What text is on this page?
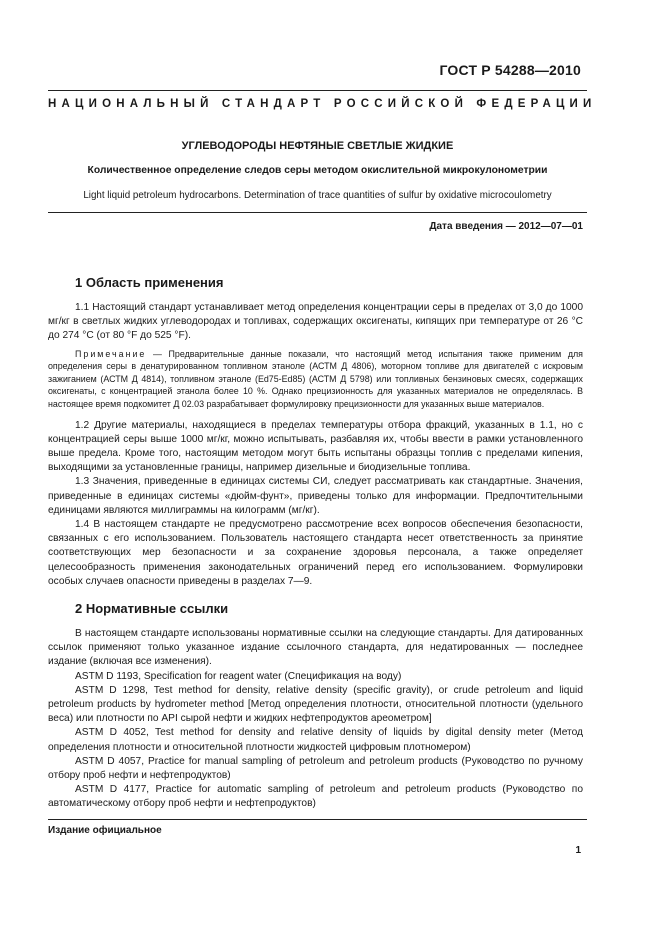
ГОСТ Р 54288—2010
НАЦИОНАЛЬНЫЙ СТАНДАРТ РОССИЙСКОЙ ФЕДЕРАЦИИ
УГЛЕВОДОРОДЫ НЕФТЯНЫЕ СВЕТЛЫЕ ЖИДКИЕ
Количественное определение следов серы методом окислительной микрокулонометрии
Light liquid petroleum hydrocarbons. Determination of trace quantities of sulfur by oxidative microcoulometry
Дата введения — 2012—07—01
1 Область применения

1.1 Настоящий стандарт устанавливает метод определения концентрации серы в пределах от 3,0 до 1000 мг/кг в светлых жидких углеводородах и топливах, содержащих оксигенаты, кипящих при температуре от 26 °С до 274 °С (от 80 °F до 525 °F).

Примечание — Предварительные данные показали, что настоящий метод испытания также применим для определения серы в денатурированном топливном этаноле (АСТМ Д 4806), моторном топливе для двигателей с искровым зажиганием (АСТМ Д 4814), топливном этаноле (Ed75-Ed85) (АСТМ Д 5798) или топливных бензиновых смесях, содержащих оксигенаты, с концентрацией этанола более 10 %. Однако прецизионность для указанных материалов не определялась. В настоящее время подкомитет Д 02.03 разрабатывает формулировку прецизионности для указанных выше материалов.

1.2 Другие материалы, находящиеся в пределах температуры отбора фракций, указанных в 1.1, но с концентрацией серы выше 1000 мг/кг, можно испытывать, разбавляя их, чтобы ввести в рамки установленного выше предела. Кроме того, настоящим методом могут быть испытаны образцы топлив с пределами кипения, выходящими за установленные границы, например дизельные и биодизельные топлива.

1.3 Значения, приведенные в единицах системы СИ, следует рассматривать как стандартные. Значения, приведенные в единицах системы «дюйм-фунт», приведены только для информации. Предпочтительными единицами являются миллиграммы на килограмм (мг/кг).

1.4 В настоящем стандарте не предусмотрено рассмотрение всех вопросов обеспечения безопасности, связанных с его использованием. Пользователь настоящего стандарта несет ответственность за принятие соответствующих мер безопасности и за сохранение здоровья персонала, а также определяет целесообразность применения законодательных ограничений перед его использованием. Формулировки особых случаев опасности приведены в разделах 7—9.

2 Нормативные ссылки

В настоящем стандарте использованы нормативные ссылки на следующие стандарты. Для датированных ссылок применяют только указанное издание ссылочного стандарта, для недатированных — последнее издание (включая все изменения).

ASTM D 1193, Specification for reagent water (Спецификация на воду)

ASTM D 1298, Test method for density, relative density (specific gravity), or crude petroleum and liquid petroleum products by hydrometer method [Метод определения плотности, относительной плотности (удельного веса) или плотности по API сырой нефти и жидких нефтепродуктов ареометром]

ASTM D 4052, Test method for density and relative density of liquids by digital density meter (Метод определения плотности и относительной плотности жидкостей цифровым плотномером)

ASTM D 4057, Practice for manual sampling of petroleum and petroleum products (Руководство по ручному отбору проб нефти и нефтепродуктов)

ASTM D 4177, Practice for automatic sampling of petroleum and petroleum products (Руководство по автоматическому отбору проб нефти и нефтепродуктов)

Издание официальное
1
